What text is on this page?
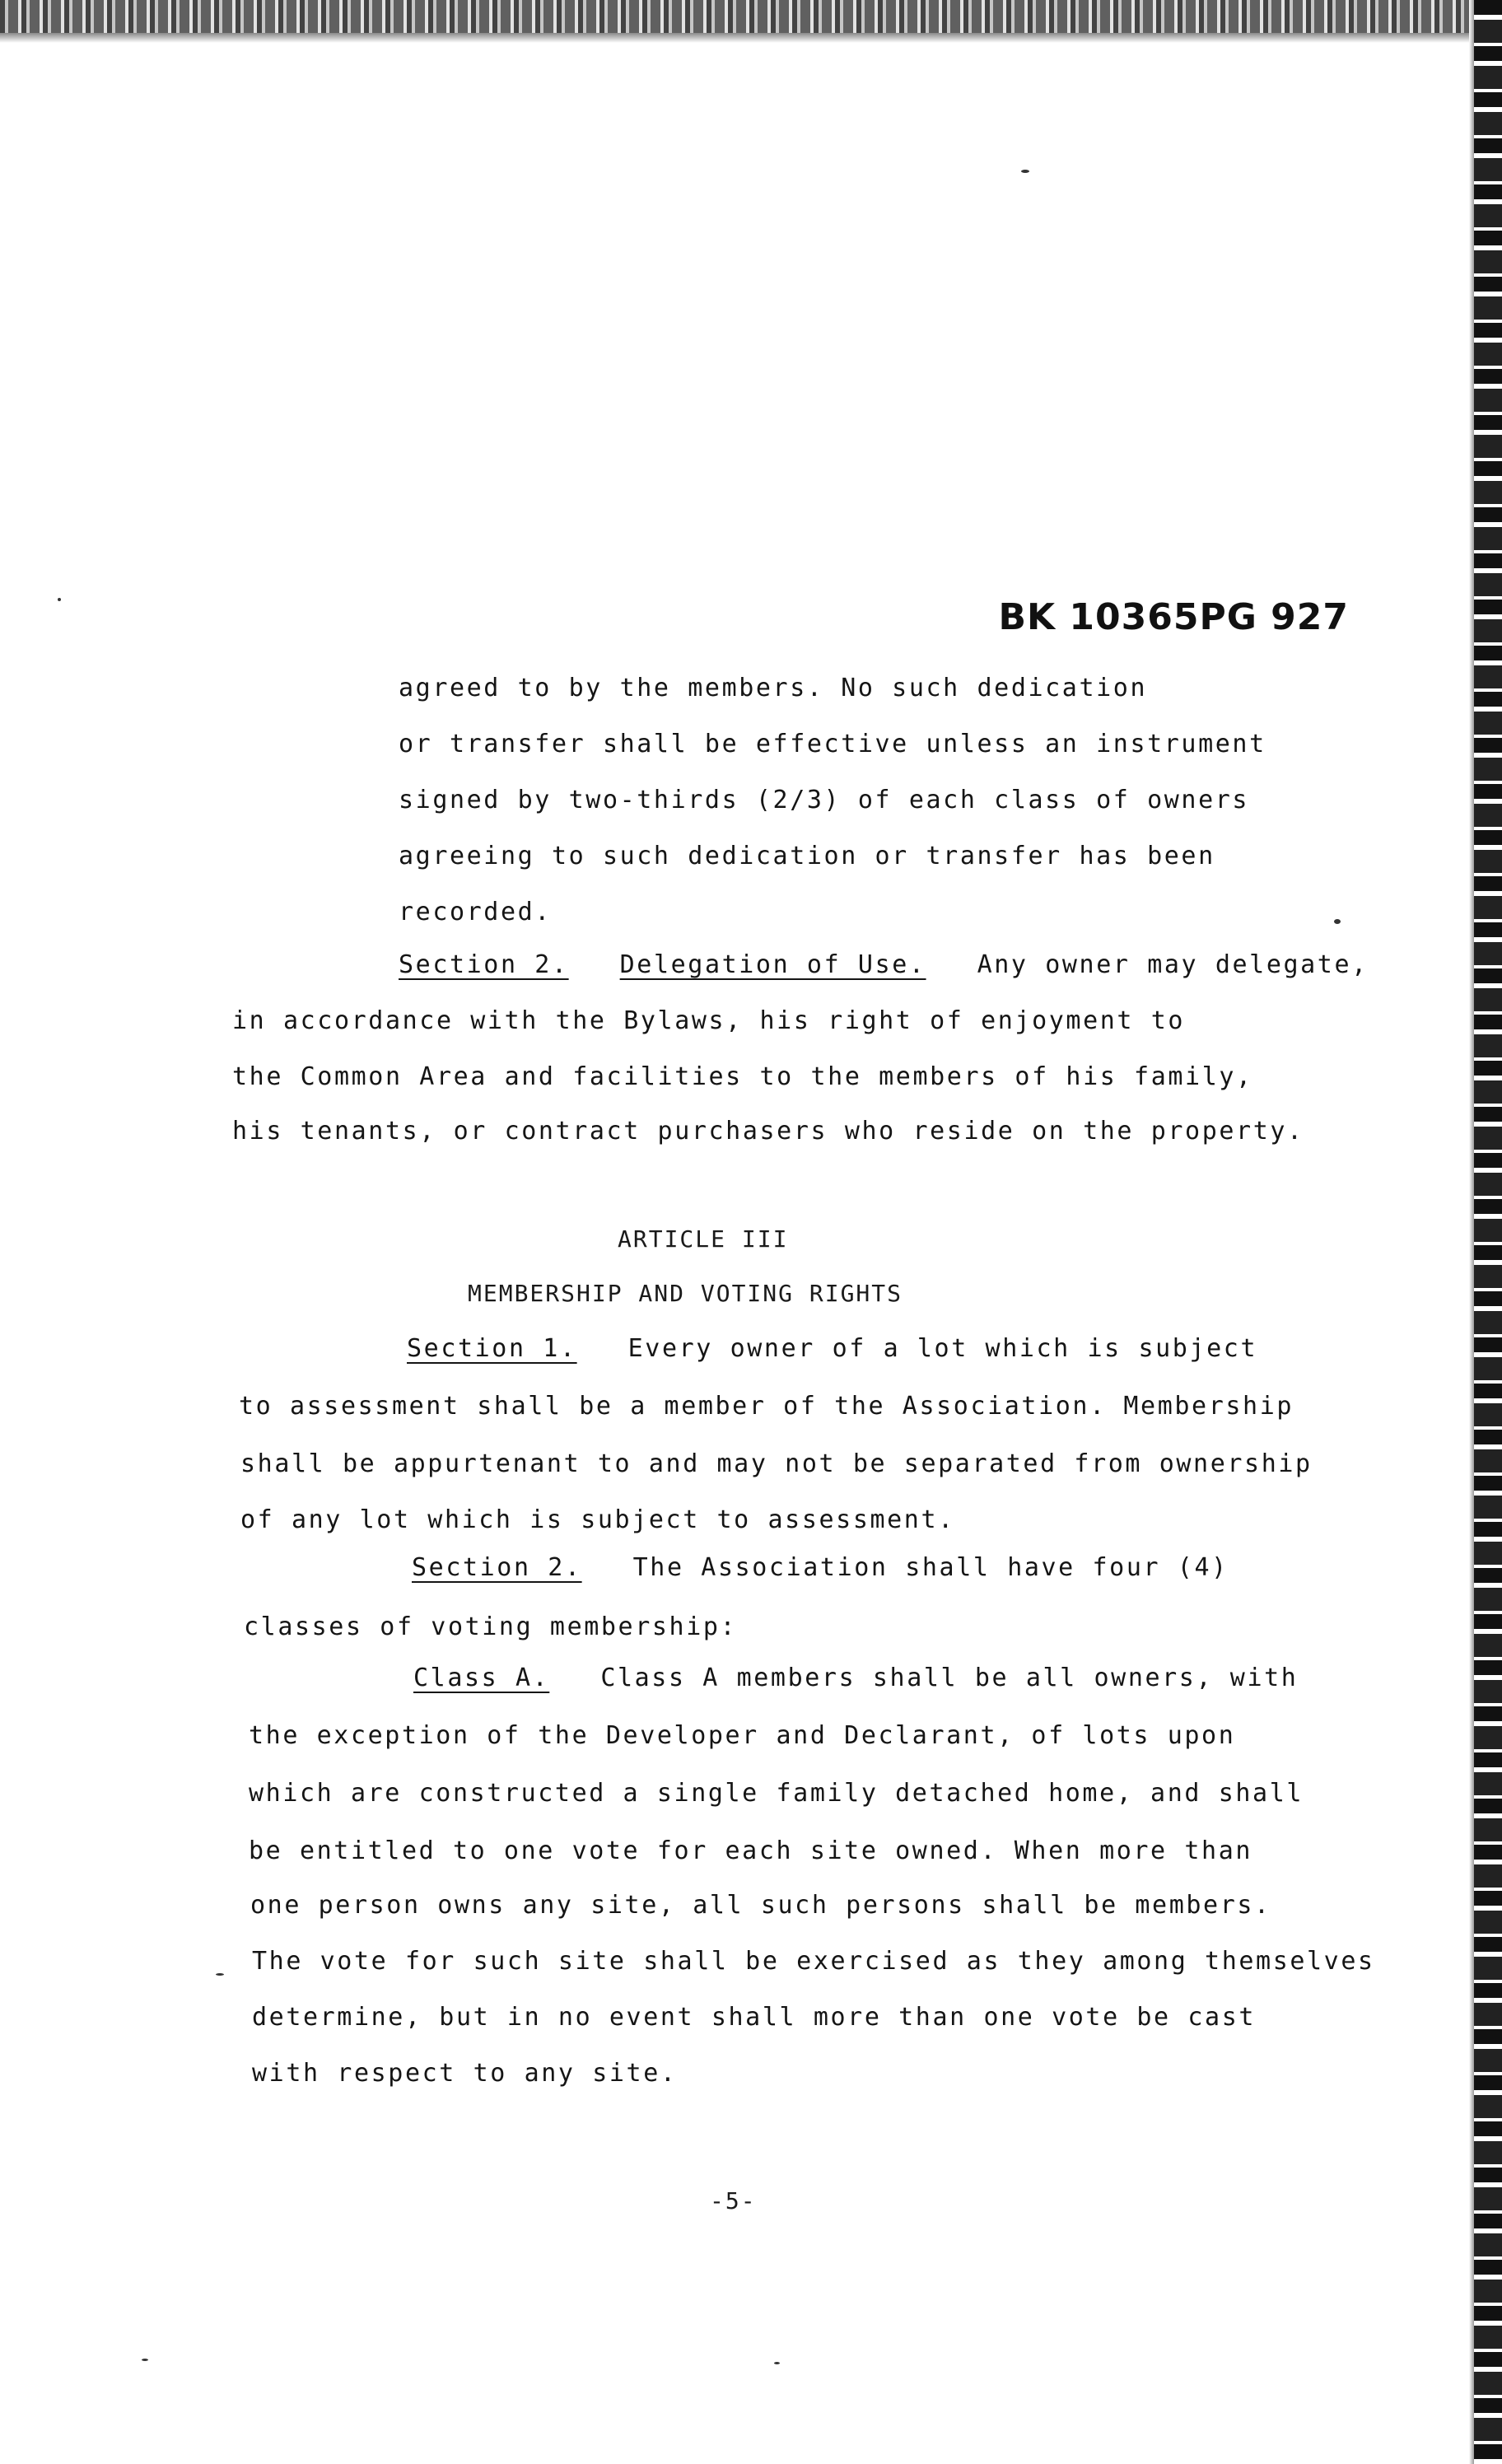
BK 10365PG 927
agreed to by the members. No such dedication
or transfer shall be effective unless an instrument
signed by two-thirds (2/3) of each class of owners
agreeing to such dedication or transfer has been
recorded.
Section 2. Delegation of Use. Any owner may delegate,
in accordance with the Bylaws, his right of enjoyment to
the Common Area and facilities to the members of his family,
his tenants, or contract purchasers who reside on the property.
ARTICLE III
MEMBERSHIP AND VOTING RIGHTS
Section 1. Every owner of a lot which is subject
to assessment shall be a member of the Association. Membership
shall be appurtenant to and may not be separated from ownership
of any lot which is subject to assessment.
Section 2. The Association shall have four (4)
classes of voting membership:
Class A. Class A members shall be all owners, with
the exception of the Developer and Declarant, of lots upon
which are constructed a single family detached home, and shall
be entitled to one vote for each site owned. When more than
one person owns any site, all such persons shall be members.
The vote for such site shall be exercised as they among themselves
determine, but in no event shall more than one vote be cast
with respect to any site.
-5-
